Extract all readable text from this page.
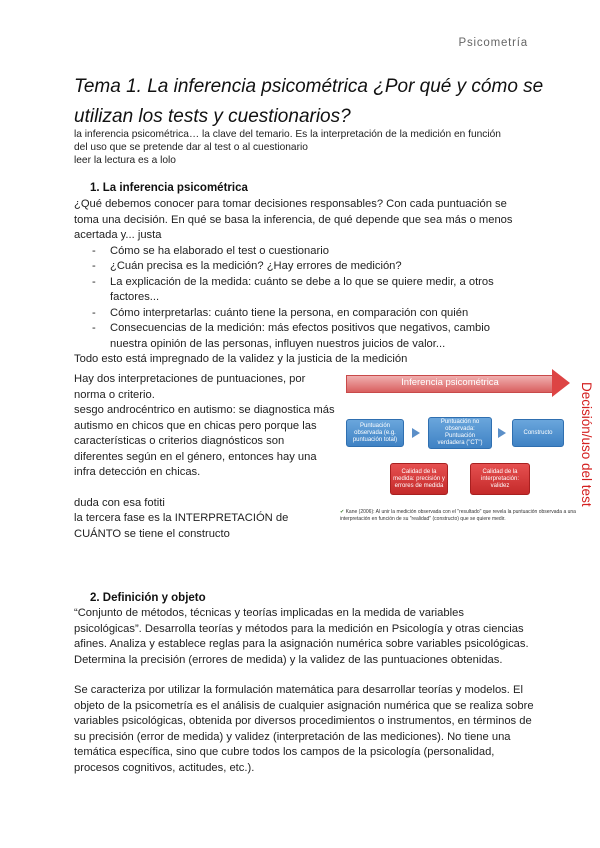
Psicometría
Tema 1. La inferencia psicométrica ¿Por qué y cómo se utilizan los tests y cuestionarios?
la inferencia psicométrica… la clave del temario. Es la interpretación de la medición en función
del uso que se pretende dar al test o al cuestionario
leer la lectura es a lolo
1. La inferencia psicométrica
¿Qué debemos conocer para tomar decisiones responsables? Con cada puntuación se toma una decisión. En qué se basa la inferencia, de qué depende que sea más o menos acertada y... justa
- Cómo se ha elaborado el test o cuestionario
- ¿Cuán precisa es la medición? ¿Hay errores de medición?
- La explicación de la medida: cuánto se debe a lo que se quiere medir, a otros factores...
- Cómo interpretarlas: cuánto tiene la persona, en comparación con quién
- Consecuencias de la medición: más efectos positivos que negativos, cambio nuestra opinión de las personas, influyen nuestros juicios de valor...
Todo esto está impregnado de la validez y la justicia de la medición
Hay dos interpretaciones de puntuaciones, por norma o criterio.
sesgo androcéntrico en autismo: se diagnostica más autismo en chicos que en chicas pero porque las características o criterios diagnósticos son diferentes según en el género, entonces hay una infra detección en chicas.
duda con esa fotiti
la tercera fase es la INTERPRETACIÓN de CUÁNTO se tiene el constructo
Inferencia psicométrica
Puntuación observada (e.g. puntuación total)
Puntuación no observada: Puntuación verdadera ("CT")
Constructo
Calidad de la medida: precisión y errores de medida
Calidad de la interpretación: validez
✔ Kane (2006): Al unir la medición observada con el "resultado" que revela la puntuación observada a una interpretación en función de su "realidad" (constructo) que se quiere medir.
Decisión/uso del test
2. Definición y objeto
“Conjunto de métodos, técnicas y teorías implicadas en la medida de variables psicológicas”. Desarrolla teorías y métodos para la medición en Psicología y otras ciencias afines. Analiza y establece reglas para la asignación numérica sobre variables psicológicas. Determina la precisión (errores de medida) y la validez de las puntuaciones obtenidas.
Se caracteriza por utilizar la formulación matemática para desarrollar teorías y modelos. El objeto de la psicometría es el análisis de cualquier asignación numérica que se realiza sobre variables psicológicas, obtenida por diversos procedimientos o instrumentos, en términos de su precisión (error de medida) y validez (interpretación de las mediciones). No tiene una temática específica, sino que cubre todos los campos de la psicología (personalidad, procesos cognitivos, actitudes, etc.).
